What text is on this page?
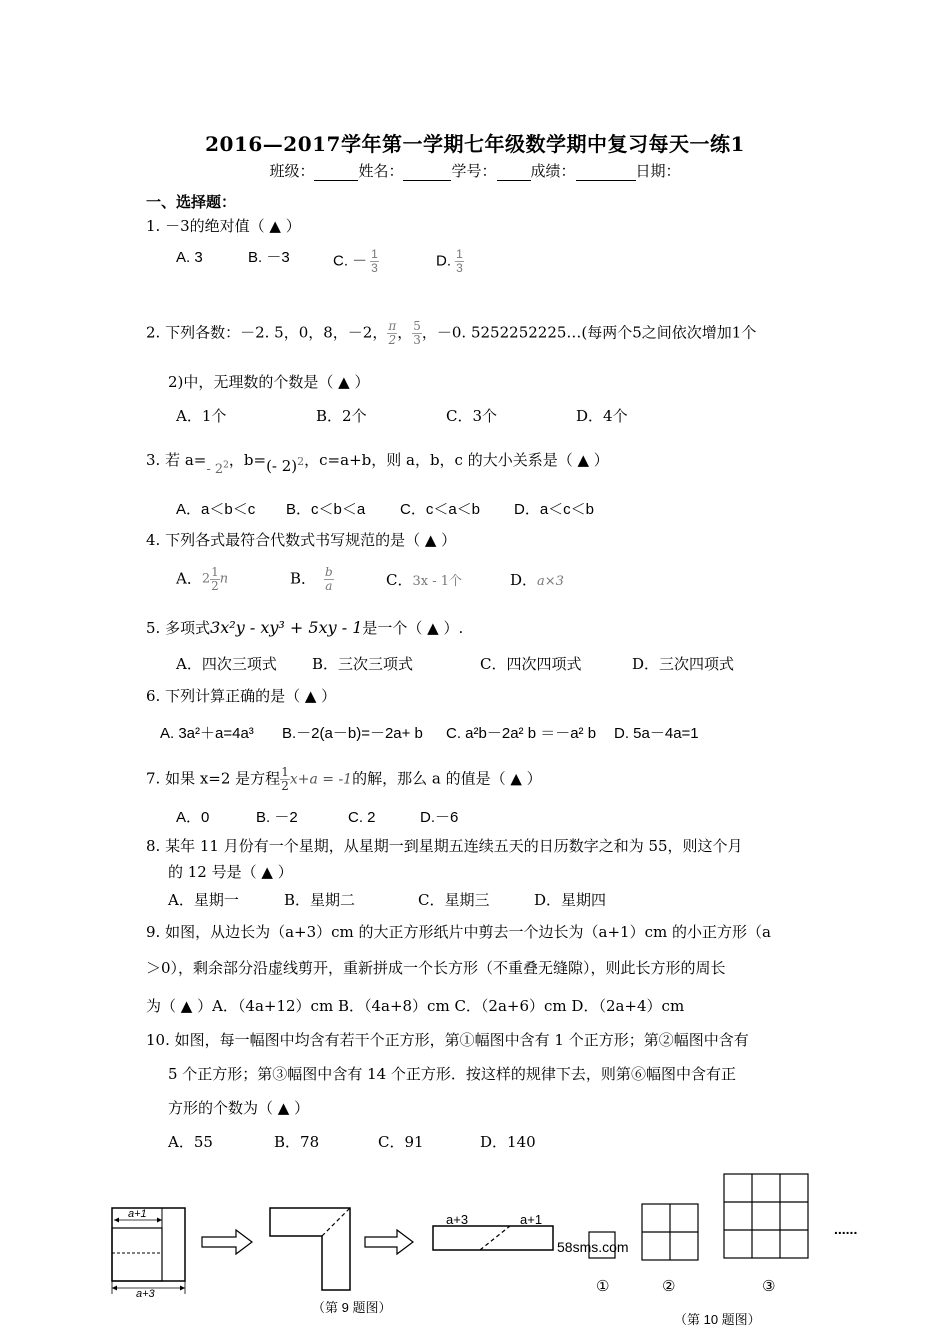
2016—2017学年第一学期七年级数学期中复习每天一练1
班级：	姓名：	学号： 成绩：	日期：
一、选择题：
1. －3的绝对值（ ▲ ）
A. 3	B. －3	C. － $\frac{1}{3}$	D. $\frac{1}{3}$
2. 下列各数：－2. 5，0，8，－2， $\frac{\pi}{2}$ ， $\frac{5}{3}$ ，－0. 5252252225…(每两个5之间依次增加1个
2)中，无理数的个数是（ ▲ ）
A．1个	B．2个	C．3个	D．4个
3. 若 a=- $2^2$，b=(- 2)$^2$，c=a+b，则 a，b，c 的大小关系是（ ▲ ）
A．a＜b＜c B．c＜b＜a C．c＜a＜b D．a＜c＜b
4. 下列各式最符合代数式书写规范的是（ ▲ ）
A．$2 \frac{1}{2}$ n	B． $\frac{b}{a}$	C．3x - 1个	D．a×3
5. 多项式3x²y - xy³ + 5xy - 1是一个（ ▲ ）.
A．四次三项式 B．三次三项式	C．四次四项式	D．三次四项式
6. 下列计算正确的是（ ▲ ）
A. 3a²＋a=4a³ B.－2(a－b)=－2a+ b C. a²b－2a² b ＝－a² b D. 5a－4a=1
7. 如果 x=2 是方程 $\frac{1}{2} x+a = -1$的解，那么 a 的值是（ ▲ ）
A．0	B. －2	C. 2	D.－6
8. 某年 11 月份有一个星期，从星期一到星期五连续五天的日历数字之和为 55，则这个月
的 12 号是（ ▲ ）
A．星期一	B．星期二	C．星期三	D．星期四
9. 如图，从边长为（a+3）cm 的大正方形纸片中剪去一个边长为（a+1）cm 的小正方形（a
＞0），剩余部分沿虚线剪开，重新拼成一个长方形（不重叠无缝隙），则此长方形的周长
为（ ▲ ）A．（4a+12）cm B．（4a+8）cm C．（2a+6）cm D．（2a+4）cm
10. 如图，每一幅图中均含有若干个正方形，第①幅图中含有 1 个正方形；第②幅图中含有
5 个正方形；第③幅图中含有 14 个正方形．按这样的规律下去，则第⑥幅图中含有正
方形的个数为（ ▲ ）
A．55	B．78	C．91	D．140
a+1
a+3
a+3	a+1
58sms.com
（第 9 题图）
①	②	③
......
（第 10 题图）
